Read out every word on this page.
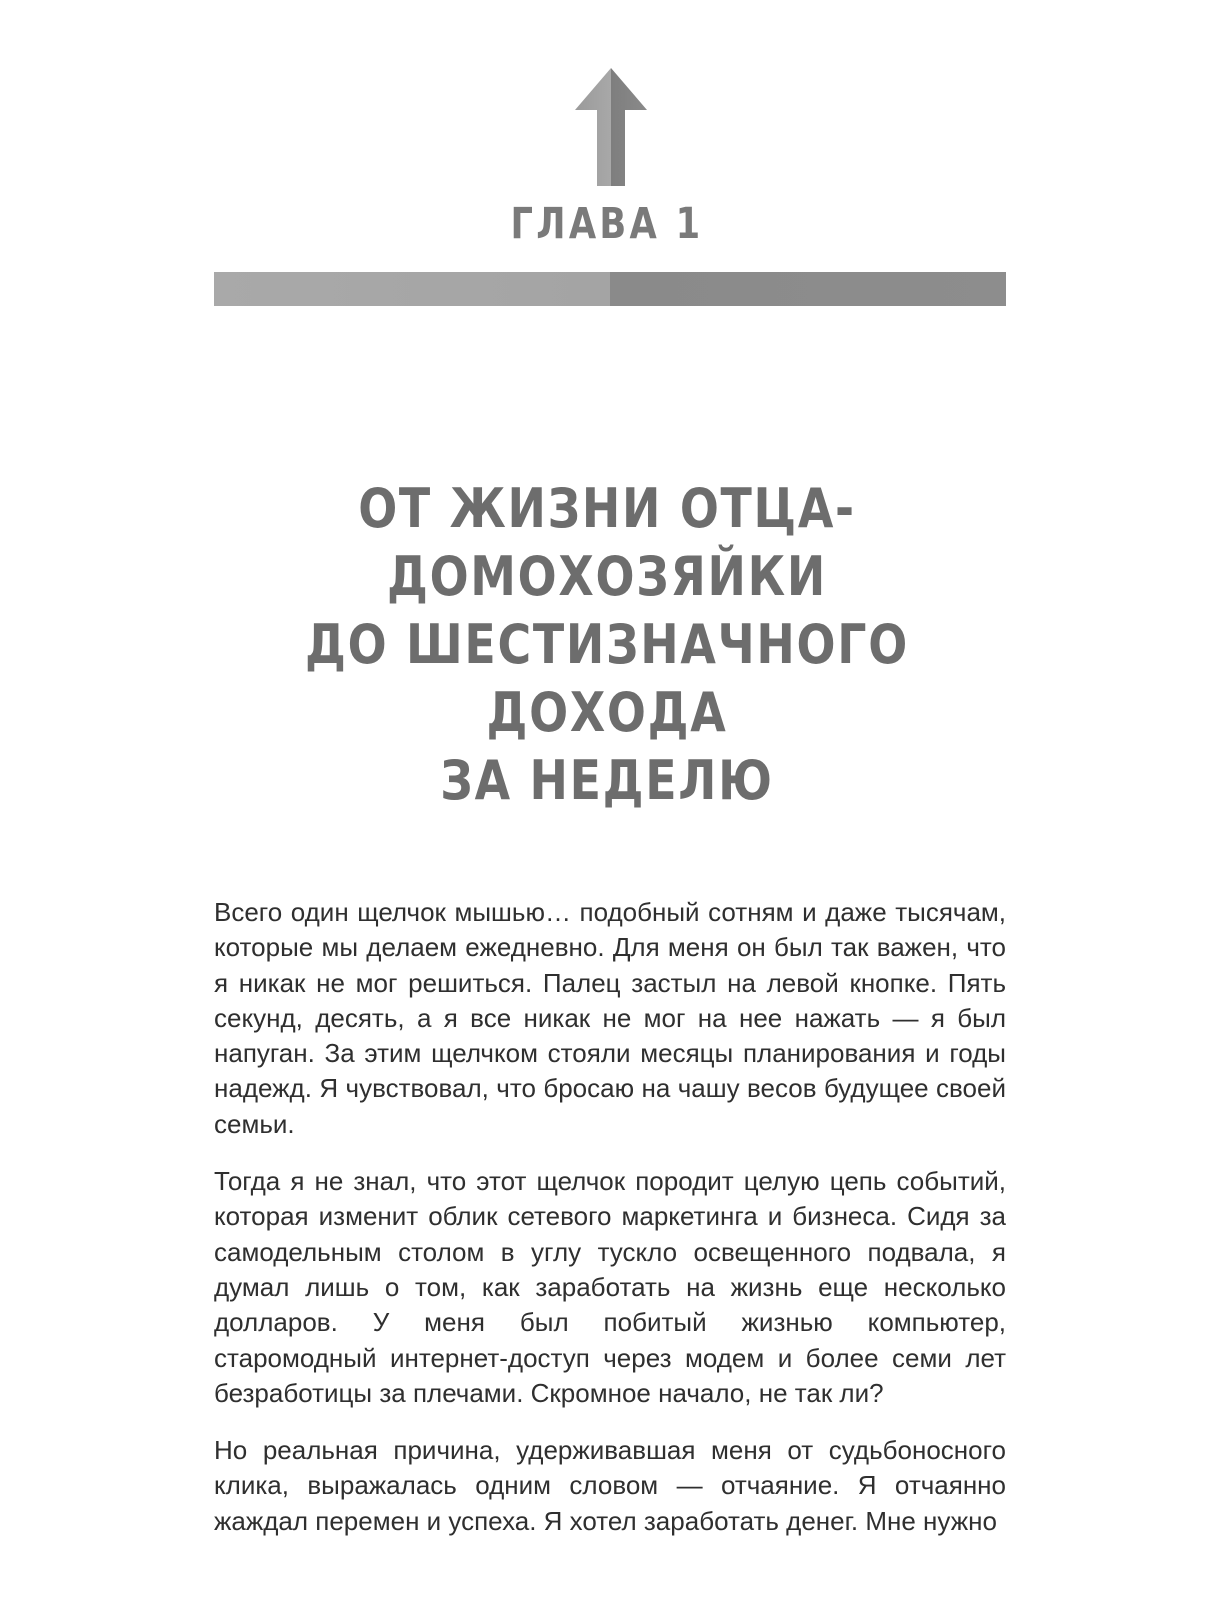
ГЛАВА 1
ОТ ЖИЗНИ ОТЦА-ДОМОХОЗЯЙКИ
ДО ШЕСТИЗНАЧНОГО ДОХОДА
ЗА НЕДЕЛЮ

Всего один щелчок мышью… подобный сотням и даже тысячам, которые мы делаем ежедневно. Для меня он был так важен, что я никак не мог решиться. Палец застыл на левой кнопке. Пять секунд, десять, а я все никак не мог на нее нажать — я был напуган. За этим щелчком стояли месяцы планирования и годы надежд. Я чувствовал, что бросаю на чашу весов будущее своей семьи.

Тогда я не знал, что этот щелчок породит целую цепь событий, которая изменит облик сетевого маркетинга и бизнеса. Сидя за самодельным столом в углу тускло освещенного подвала, я думал лишь о том, как заработать на жизнь еще несколько долларов. У меня был побитый жизнью компьютер, старомодный интернет-доступ через модем и более семи лет безработицы за плечами. Скромное начало, не так ли?

Но реальная причина, удерживавшая меня от судьбоносного клика, выражалась одним словом — отчаяние. Я отчаянно жаждал перемен и успеха. Я хотел заработать денег. Мне нужно
